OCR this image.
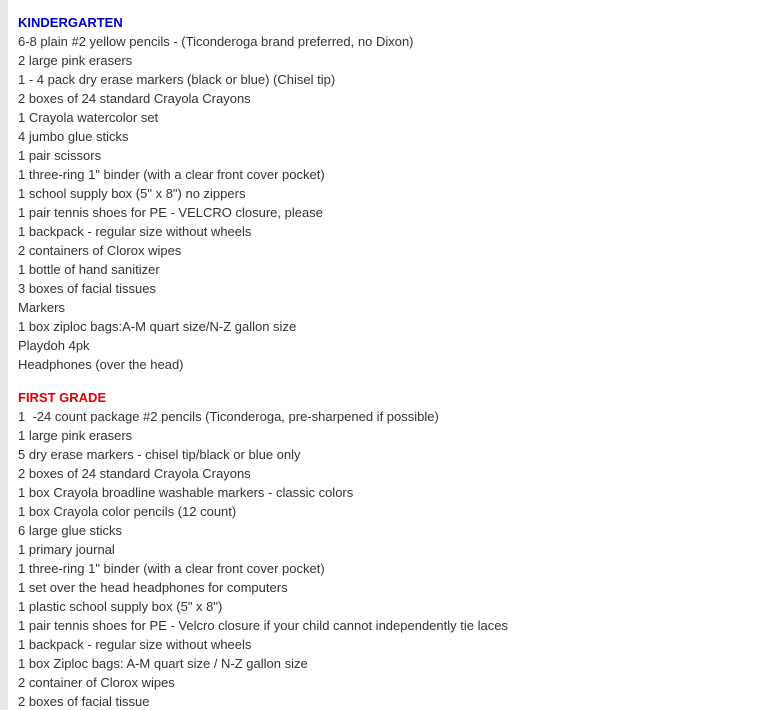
KINDERGARTEN
6-8 plain #2 yellow pencils - (Ticonderoga brand preferred, no Dixon)
2 large pink erasers
1 - 4 pack dry erase markers (black or blue) (Chisel tip)
2 boxes of 24 standard Crayola Crayons
1 Crayola watercolor set
4 jumbo glue sticks
1 pair scissors
1 three-ring 1" binder (with a clear front cover pocket)
1 school supply box (5" x 8") no zippers
1 pair tennis shoes for PE - VELCRO closure, please
1 backpack - regular size without wheels
2 containers of Clorox wipes
1 bottle of hand sanitizer
3 boxes of facial tissues
Markers
1 box ziploc bags:A-M quart size/N-Z gallon size
Playdoh 4pk
Headphones (over the head)
FIRST GRADE
1  -24 count package #2 pencils (Ticonderoga, pre-sharpened if possible)
1 large pink erasers
5 dry erase markers - chisel tip/black or blue only
2 boxes of 24 standard Crayola Crayons
1 box Crayola broadline washable markers - classic colors
1 box Crayola color pencils (12 count)
6 large glue sticks
1 primary journal
1 three-ring 1" binder (with a clear front cover pocket)
1 set over the head headphones for computers
1 plastic school supply box (5" x 8")
1 pair tennis shoes for PE - Velcro closure if your child cannot independently tie laces
1 backpack - regular size without wheels
1 box Ziploc bags: A-M quart size / N-Z gallon size
2 container of Clorox wipes
2 boxes of facial tissue
